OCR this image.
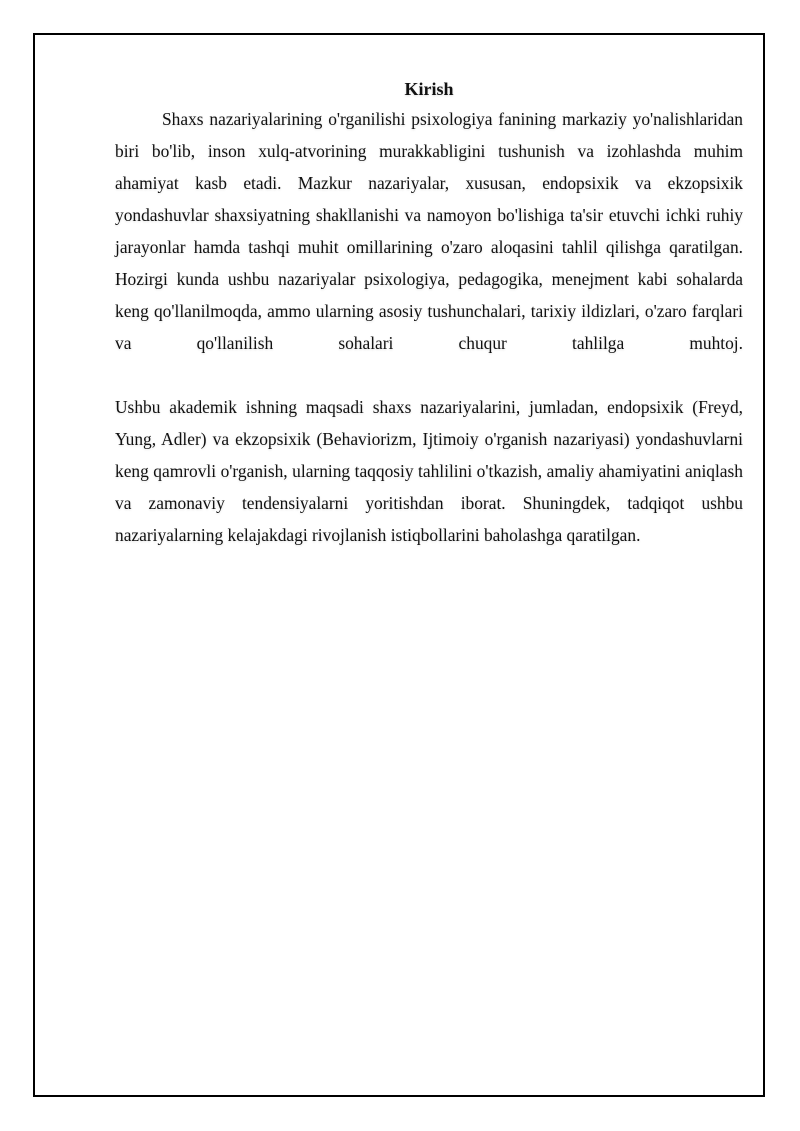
Kirish

Shaxs nazariyalarining o'rganilishi psixologiya fanining markaziy yo'nalishlaridan biri bo'lib, inson xulq-atvorining murakkabligini tushunish va izohlashda muhim ahamiyat kasb etadi. Mazkur nazariyalar, xususan, endopsixik va ekzopsixik yondashuvlar shaxsiyatning shakllanishi va namoyon bo'lishiga ta'sir etuvchi ichki ruhiy jarayonlar hamda tashqi muhit omillarining o'zaro aloqasini tahlil qilishga qaratilgan. Hozirgi kunda ushbu nazariyalar psixologiya, pedagogika, menejment kabi sohalarda keng qo'llanilmoqda, ammo ularning asosiy tushunchalari, tarixiy ildizlari, o'zaro farqlari va qo'llanilish sohalari chuqur tahlilga muhtoj.

Ushbu akademik ishning maqsadi shaxs nazariyalarini, jumladan, endopsixik (Freyd, Yung, Adler) va ekzopsixik (Behaviorizm, Ijtimoiy o'rganish nazariyasi) yondashuvlarni keng qamrovli o'rganish, ularning taqqosiy tahlilini o'tkazish, amaliy ahamiyatini aniqlash va zamonaviy tendensiyalarni yoritishdan iborat. Shuningdek, tadqiqot ushbu nazariyalarning kelajakdagi rivojlanish istiqbollarini baholashga qaratilgan.
